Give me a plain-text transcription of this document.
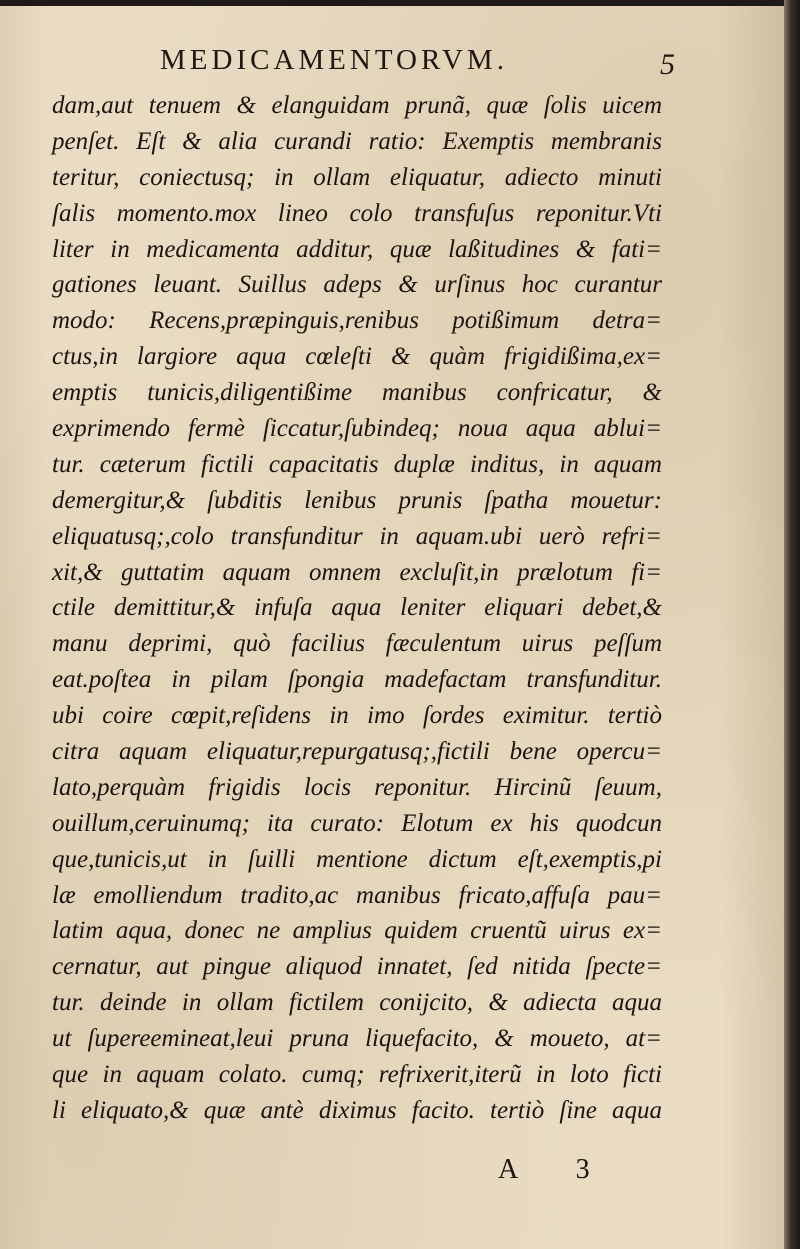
MEDICAMENTORVM.	5
dam,aut tenuem & elanguidam prunã, quæ ſolis uicem
penſet. Eſt & alia curandi ratio: Exemptis membranis
teritur, coniectusq; in ollam eliquatur, adiecto minuti
ſalis momento.mox lineo colo transfuſus reponitur.Vti
liter in medicamenta additur, quæ laßitudines & fati=
gationes leuant. Suillus adeps & urſinus hoc curantur
modo: Recens,præpinguis,renibus potißimum detra=
ctus,in largiore aqua cœleſti & quàm frigidißima,ex=
emptis tunicis,diligentißime manibus confricatur, &
exprimendo fermè ſiccatur,ſubindeq; noua aqua ablui=
tur. cæterum fictili capacitatis duplæ inditus, in aquam
demergitur,& ſubditis lenibus prunis ſpatha mouetur:
eliquatusq;,colo transfunditur in aquam.ubi uerò refri=
xit,& guttatim aquam omnem excluſit,in prælotum fi=
ctile demittitur,& infuſa aqua leniter eliquari debet,&
manu deprimi, quò facilius fæculentum uirus peſſum
eat.poſtea in pilam ſpongia madefactam transfunditur.
ubi coire cœpit,reſidens in imo ſordes eximitur. tertiò
citra aquam eliquatur,repurgatusq;,fictili bene opercu=
lato,perquàm frigidis locis reponitur. Hircinũ ſeuum,
ouillum,ceruinumq; ita curato: Elotum ex his quodcun
que,tunicis,ut in ſuilli mentione dictum eſt,exemptis,pi
læ emolliendum tradito,ac manibus fricato,affuſa pau=
latim aqua, donec ne amplius quidem cruentũ uirus ex=
cernatur, aut pingue aliquod innatet, ſed nitida ſpecte=
tur. deinde in ollam fictilem conijcito, & adiecta aqua
ut ſupereemineat,leui pruna liquefacito, & moueto, at=
que in aquam colato. cumq; refrixerit,iterũ in loto ficti
li eliquato,& quæ antè diximus facito. tertiò ſine aqua
A 3
